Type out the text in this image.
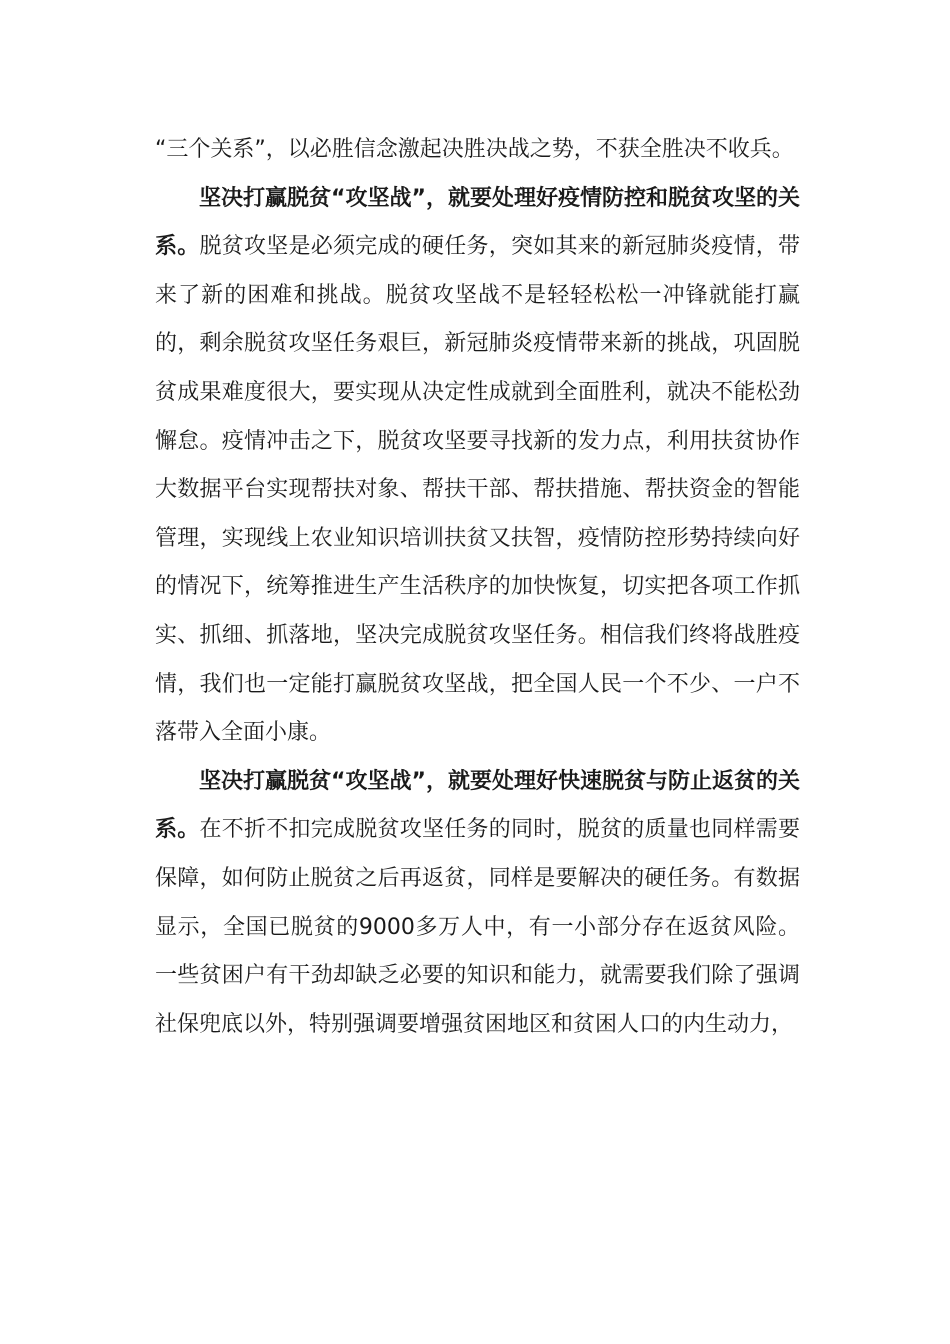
“三个关系”，以必胜信念激起决胜决战之势，不获全胜决不收兵。

坚决打赢脱贫“攻坚战”，就要处理好疫情防控和脱贫攻坚的关系。脱贫攻坚是必须完成的硬任务，突如其来的新冠肺炎疫情，带来了新的困难和挑战。脱贫攻坚战不是轻轻松松一冲锋就能打赢的，剩余脱贫攻坚任务艰巨，新冠肺炎疫情带来新的挑战，巩固脱贫成果难度很大，要实现从决定性成就到全面胜利，就决不能松劲懈怠。疫情冲击之下，脱贫攻坚要寻找新的发力点，利用扶贫协作大数据平台实现帮扶对象、帮扶干部、帮扶措施、帮扶资金的智能管理，实现线上农业知识培训扶贫又扶智，疫情防控形势持续向好的情况下，统筹推进生产生活秩序的加快恢复，切实把各项工作抓实、抓细、抓落地，坚决完成脱贫攻坚任务。相信我们终将战胜疫情，我们也一定能打赢脱贫攻坚战，把全国人民一个不少、一户不落带入全面小康。

坚决打赢脱贫“攻坚战”，就要处理好快速脱贫与防止返贫的关系。在不折不扣完成脱贫攻坚任务的同时，脱贫的质量也同样需要保障，如何防止脱贫之后再返贫，同样是要解决的硬任务。有数据显示，全国已脱贫的9000多万人中，有一小部分存在返贫风险。一些贫困户有干劲却缺乏必要的知识和能力，就需要我们除了强调社保兜底以外，特别强调要增强贫困地区和贫困人口的内生动力，
